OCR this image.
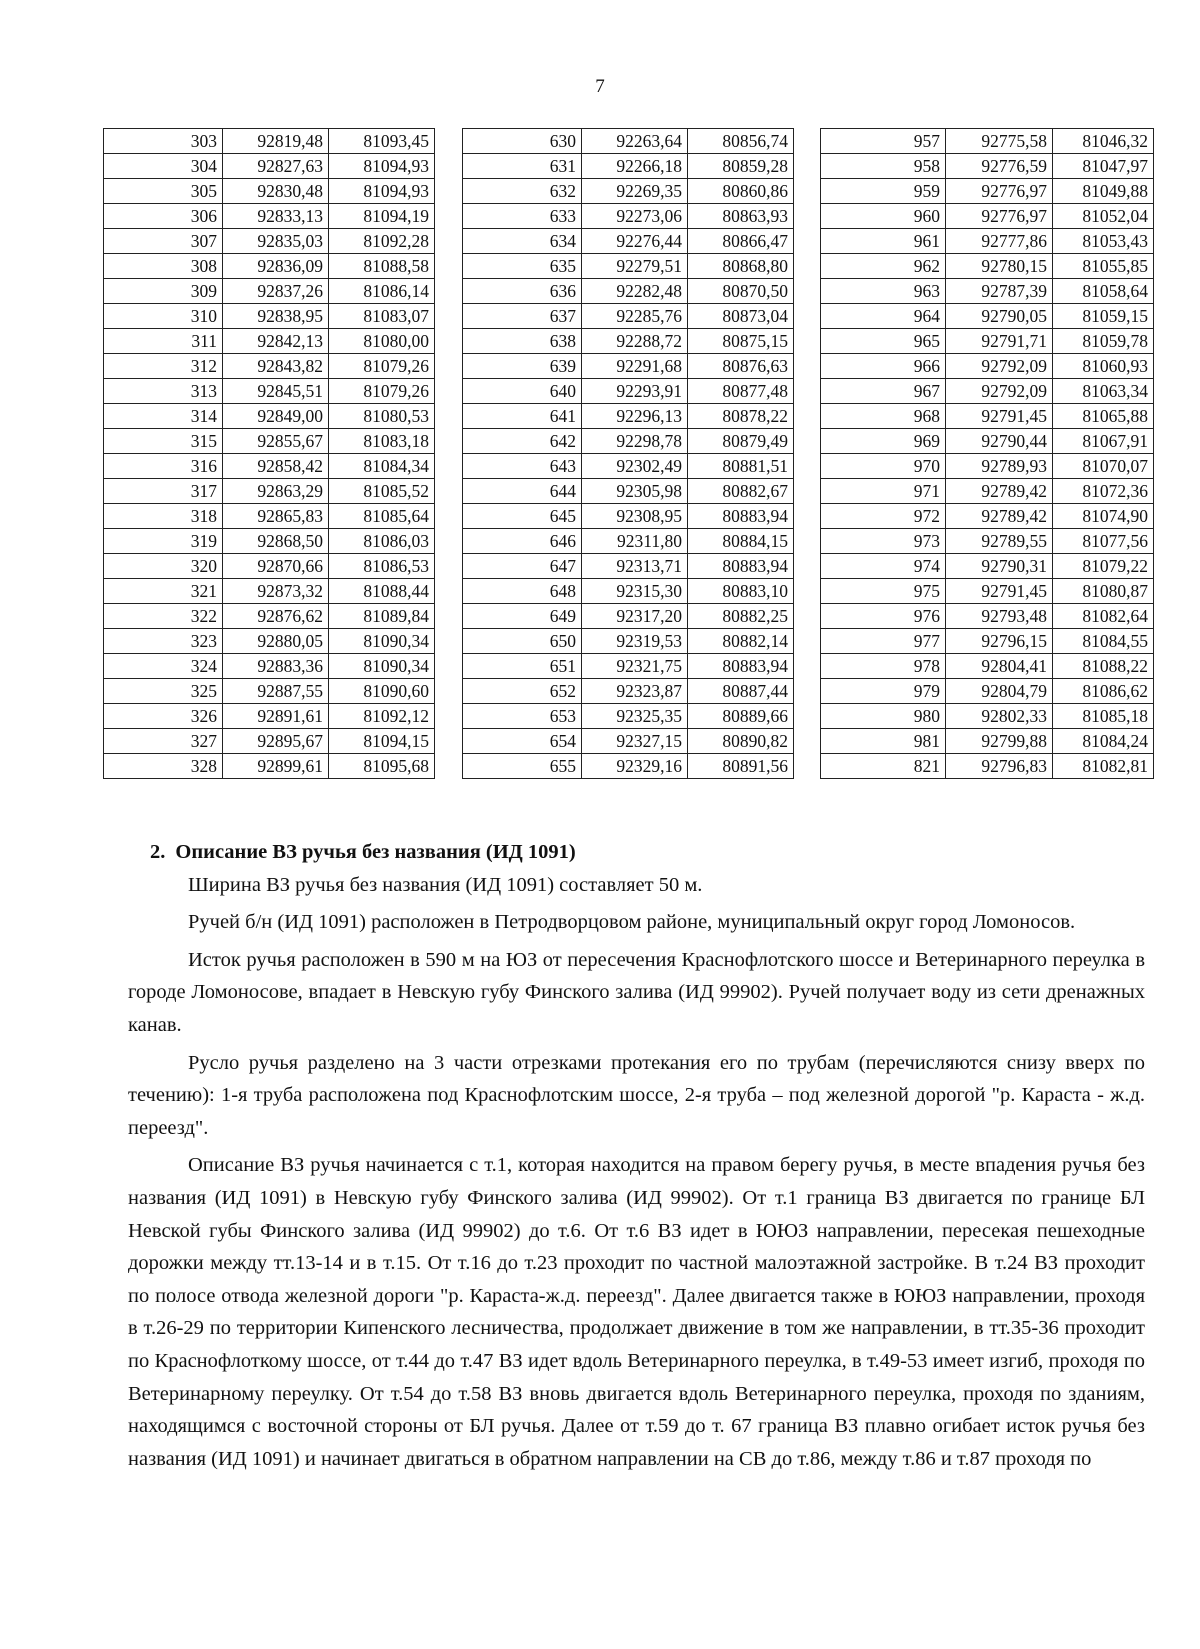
7
303	92819,48	81093,45
304	92827,63	81094,93
305	92830,48	81094,93
306	92833,13	81094,19
307	92835,03	81092,28
308	92836,09	81088,58
309	92837,26	81086,14
310	92838,95	81083,07
311	92842,13	81080,00
312	92843,82	81079,26
313	92845,51	81079,26
314	92849,00	81080,53
315	92855,67	81083,18
316	92858,42	81084,34
317	92863,29	81085,52
318	92865,83	81085,64
319	92868,50	81086,03
320	92870,66	81086,53
321	92873,32	81088,44
322	92876,62	81089,84
323	92880,05	81090,34
324	92883,36	81090,34
325	92887,55	81090,60
326	92891,61	81092,12
327	92895,67	81094,15
328	92899,61	81095,68
630	92263,64	80856,74
631	92266,18	80859,28
632	92269,35	80860,86
633	92273,06	80863,93
634	92276,44	80866,47
635	92279,51	80868,80
636	92282,48	80870,50
637	92285,76	80873,04
638	92288,72	80875,15
639	92291,68	80876,63
640	92293,91	80877,48
641	92296,13	80878,22
642	92298,78	80879,49
643	92302,49	80881,51
644	92305,98	80882,67
645	92308,95	80883,94
646	92311,80	80884,15
647	92313,71	80883,94
648	92315,30	80883,10
649	92317,20	80882,25
650	92319,53	80882,14
651	92321,75	80883,94
652	92323,87	80887,44
653	92325,35	80889,66
654	92327,15	80890,82
655	92329,16	80891,56
957	92775,58	81046,32
958	92776,59	81047,97
959	92776,97	81049,88
960	92776,97	81052,04
961	92777,86	81053,43
962	92780,15	81055,85
963	92787,39	81058,64
964	92790,05	81059,15
965	92791,71	81059,78
966	92792,09	81060,93
967	92792,09	81063,34
968	92791,45	81065,88
969	92790,44	81067,91
970	92789,93	81070,07
971	92789,42	81072,36
972	92789,42	81074,90
973	92789,55	81077,56
974	92790,31	81079,22
975	92791,45	81080,87
976	92793,48	81082,64
977	92796,15	81084,55
978	92804,41	81088,22
979	92804,79	81086,62
980	92802,33	81085,18
981	92799,88	81084,24
821	92796,83	81082,81
2. Описание ВЗ ручья без названия (ИД 1091)

Ширина ВЗ ручья без названия (ИД 1091) составляет 50 м.

Ручей б/н (ИД 1091) расположен в Петродворцовом районе, муниципальный округ город Ломоносов.

Исток ручья расположен в 590 м на ЮЗ от пересечения Краснофлотского шоссе и Ветеринарного переулка в городе Ломоносове, впадает в Невскую губу Финского залива (ИД 99902). Ручей получает воду из сети дренажных канав.

Русло ручья разделено на 3 части отрезками протекания его по трубам (перечисляются снизу вверх по течению): 1-я труба расположена под Краснофлотским шоссе, 2-я труба – под железной дорогой "р. Караста - ж.д. переезд".

Описание ВЗ ручья начинается с т.1, которая находится на правом берегу ручья, в месте впадения ручья без названия (ИД 1091) в Невскую губу Финского залива (ИД 99902). От т.1 граница ВЗ двигается по границе БЛ Невской губы Финского залива (ИД 99902) до т.6. От т.6 ВЗ идет в ЮЮЗ направлении, пересекая пешеходные дорожки между тт.13-14 и в т.15. От т.16 до т.23 проходит по частной малоэтажной застройке. В т.24 ВЗ проходит по полосе отвода железной дороги "р. Караста-ж.д. переезд". Далее двигается также в ЮЮЗ направлении, проходя в т.26-29 по территории Кипенского лесничества, продолжает движение в том же направлении, в тт.35-36 проходит по Краснофлоткому шоссе, от т.44 до т.47 ВЗ идет вдоль Ветеринарного переулка, в т.49-53 имеет изгиб, проходя по Ветеринарному переулку. От т.54 до т.58 ВЗ вновь двигается вдоль Ветеринарного переулка, проходя по зданиям, находящимся с восточной стороны от БЛ ручья. Далее от т.59 до т. 67 граница ВЗ плавно огибает исток ручья без названия (ИД 1091) и начинает двигаться в обратном направлении на СВ до т.86, между т.86 и т.87 проходя по
